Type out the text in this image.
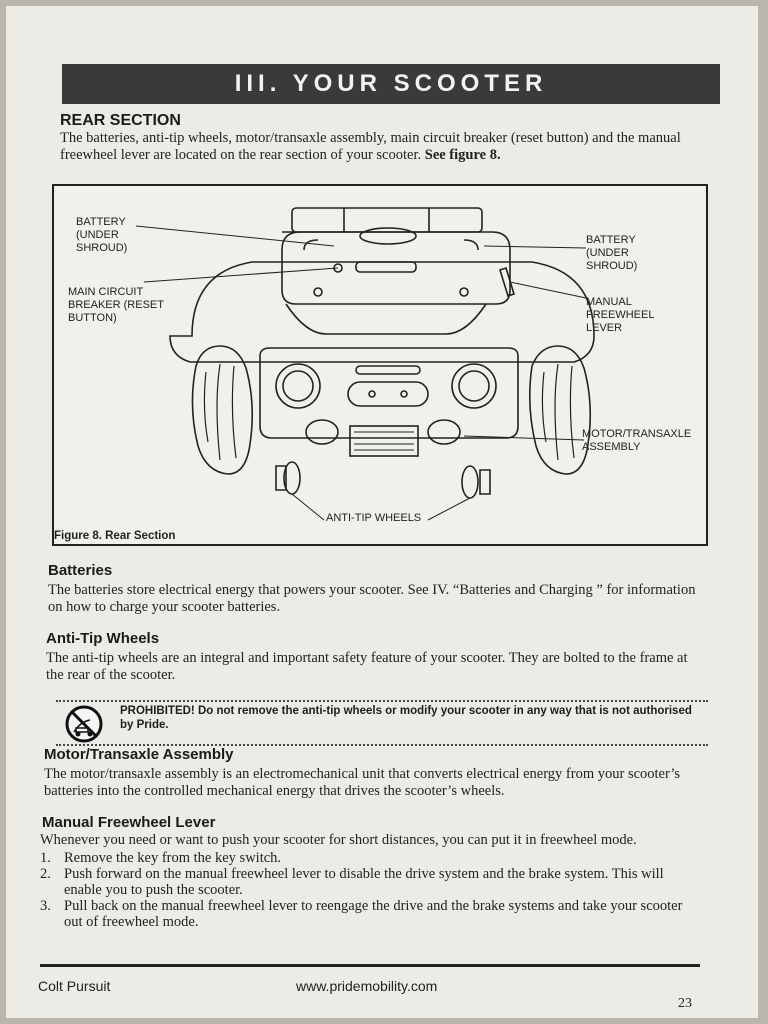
III. YOUR SCOOTER
REAR SECTION
The batteries, anti-tip wheels, motor/transaxle assembly, main circuit breaker (reset button) and the manual freewheel lever are located on the rear section of your scooter. See figure 8.
BATTERY
(UNDER
SHROUD)
MAIN CIRCUIT
BREAKER (RESET
BUTTON)
BATTERY
(UNDER
SHROUD)
MANUAL
FREEWHEEL
LEVER
MOTOR/TRANSAXLE
ASSEMBLY
ANTI-TIP WHEELS
Figure 8. Rear Section
Batteries
The batteries store electrical energy that powers your scooter. See IV. “Batteries and Charging ” for information on how to charge your scooter batteries.
Anti-Tip Wheels
The anti-tip wheels are an integral and important safety feature of your scooter. They are bolted to the frame at the rear of the scooter.
PROHIBITED! Do not remove the anti-tip wheels or modify your scooter in any way that is not authorised by Pride.
Motor/Transaxle Assembly
The motor/transaxle assembly is an electromechanical unit that converts electrical energy from your scooter’s batteries into the controlled mechanical energy that drives the scooter’s wheels.
Manual Freewheel Lever
Whenever you need or want to push your scooter for short distances, you can put it in freewheel mode.
1. Remove the key from the key switch.
2. Push forward on the manual freewheel lever to disable the drive system and the brake system. This will enable you to push the scooter.
3. Pull back on the manual freewheel lever to reengage the drive and the brake systems and take your scooter out of freewheel mode.
Colt Pursuit	www.pridemobility.com
23
